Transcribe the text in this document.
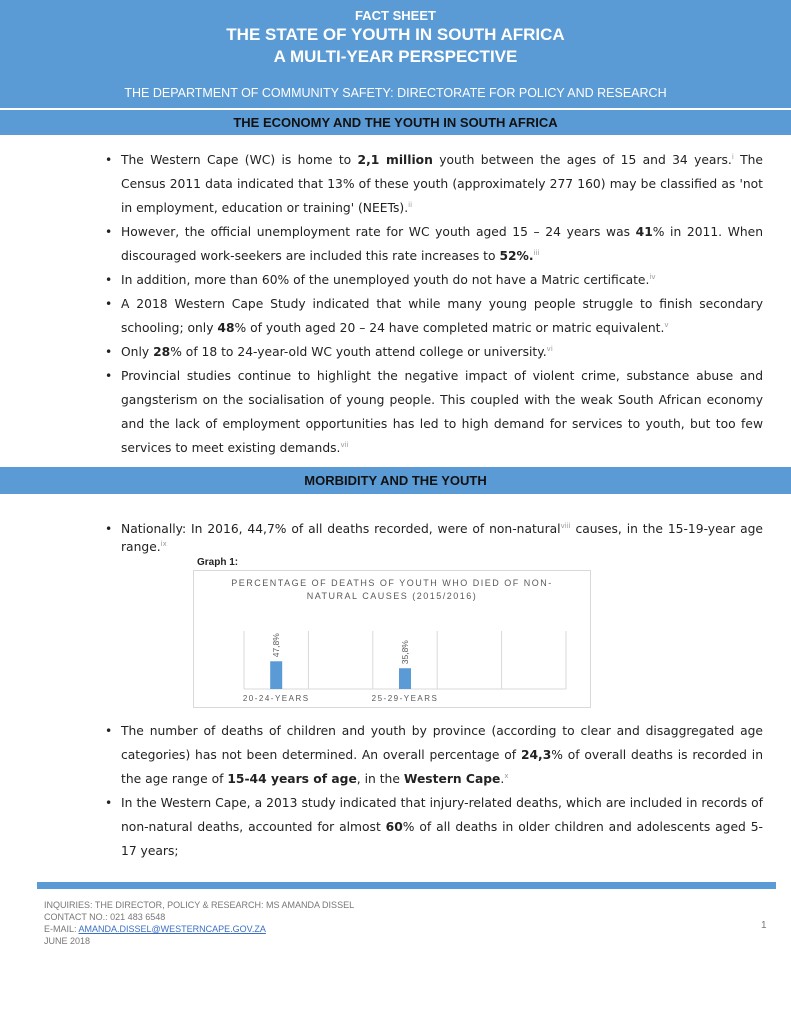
FACT SHEET
THE STATE OF YOUTH IN SOUTH AFRICA
A MULTI-YEAR PERSPECTIVE
THE DEPARTMENT OF COMMUNITY SAFETY: DIRECTORATE FOR POLICY AND RESEARCH
THE ECONOMY AND THE YOUTH IN SOUTH AFRICA
• The Western Cape (WC) is home to 2,1 million youth between the ages of 15 and 34 years.$^i$ The Census 2011 data indicated that 13% of these youth (approximately 277 160) may be classified as 'not in employment, education or training' (NEETs).$^{ii}$
• However, the official unemployment rate for WC youth aged 15 – 24 years was 41% in 2011. When discouraged work-seekers are included this rate increases to 52%.$^{iii}$
• In addition, more than 60% of the unemployed youth do not have a Matric certificate.$^{iv}$
• A 2018 Western Cape Study indicated that while many young people struggle to finish secondary schooling; only 48% of youth aged 20 – 24 have completed matric or matric equivalent.$^v$
• Only 28% of 18 to 24-year-old WC youth attend college or university.$^{vi}$
• Provincial studies continue to highlight the negative impact of violent crime, substance abuse and gangsterism on the socialisation of young people. This coupled with the weak South African economy and the lack of employment opportunities has led to high demand for services to youth, but too few services to meet existing demands.$^{vii}$
MORBIDITY AND THE YOUTH
• Nationally: In 2016, 44,7% of all deaths recorded, were of non-natural$^{viii}$ causes, in the 15-19-year age range.$^{ix}$
Graph 1:
PERCENTAGE OF DEATHS OF YOUTH WHO DIED OF NON-
NATURAL CAUSES (2015/2016)
47,8%
20-24-YEARS
35,8%
25-29-YEARS
• The number of deaths of children and youth by province (according to clear and disaggregated age categories) has not been determined. An overall percentage of 24,3% of overall deaths is recorded in the age range of 15-44 years of age, in the Western Cape.$^x$
• In the Western Cape, a 2013 study indicated that injury-related deaths, which are included in records of non-natural deaths, accounted for almost 60% of all deaths in older children and adolescents aged 5-17 years;
INQUIRIES: THE DIRECTOR, POLICY & RESEARCH: MS AMANDA DISSEL
CONTACT NO.: 021 483 6548
E-MAIL: AMANDA.DISSEL@WESTERNCAPE.GOV.ZA
JUNE 2018
1
